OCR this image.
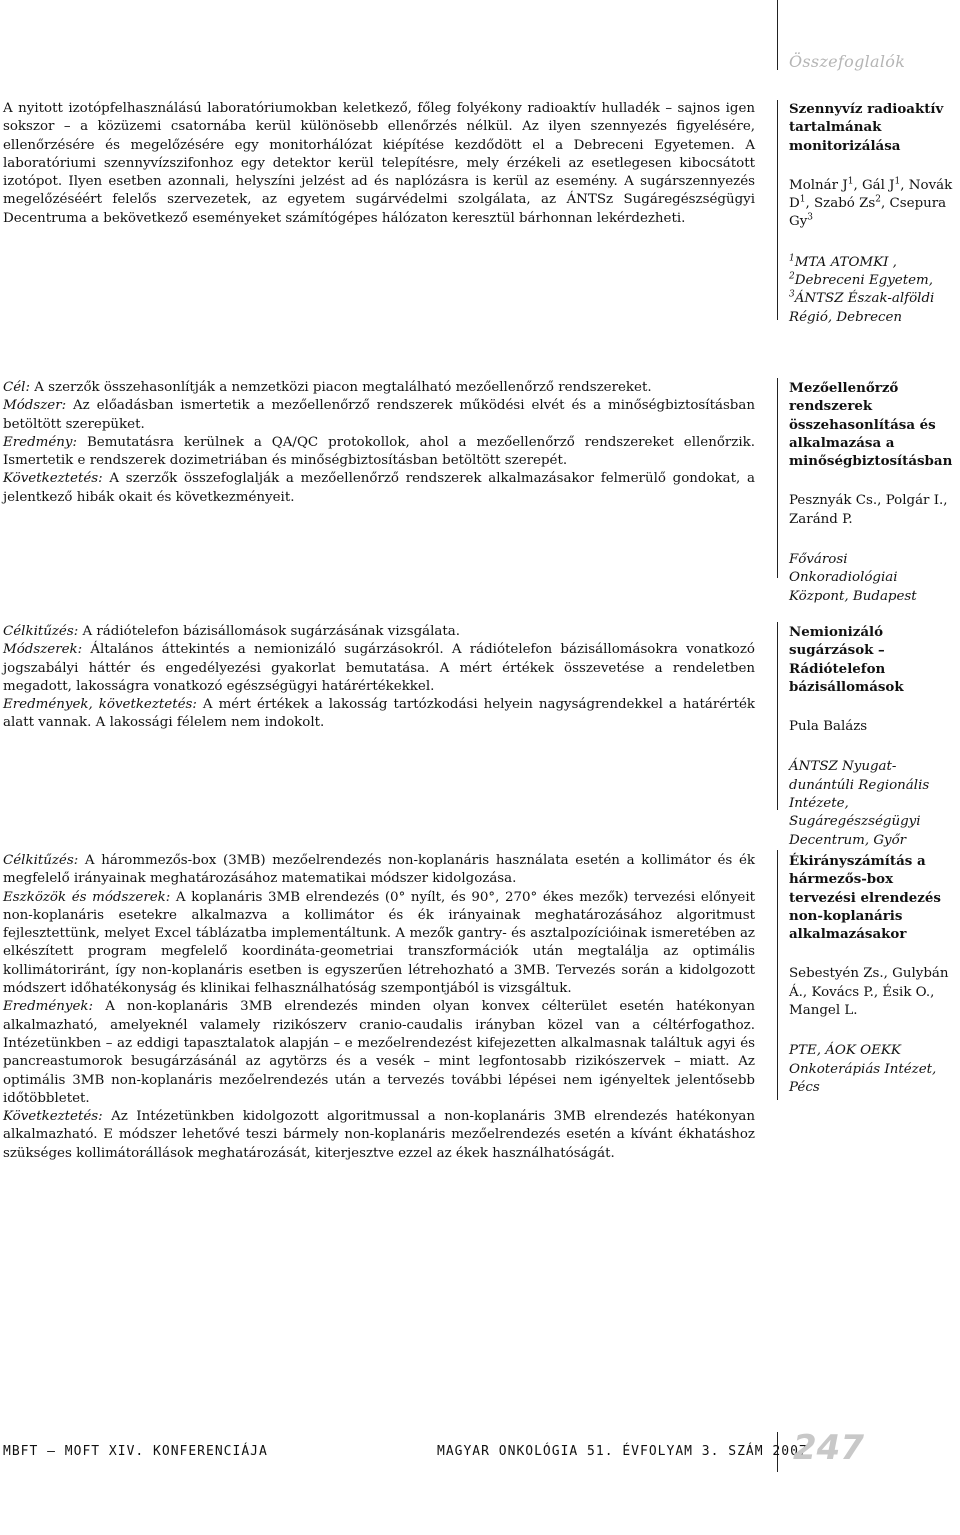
Összefoglalók

A nyitott izotópfelhasználású laboratóriumokban keletkező, főleg folyékony radioaktív hulladék – sajnos igen sokszor – a közüzemi csatornába kerül különösebb ellenőrzés nélkül. Az ilyen szennyezés figyelésére, ellenőrzésére és megelőzésére egy monitorhálózat kiépítése kezdődött el a Debreceni Egyetemen. A laboratóriumi szennyvízszifonhoz egy detektor kerül telepítésre, mely érzékeli az esetlegesen kibocsátott izotópot. Ilyen esetben azonnali, helyszíni jelzést ad és naplózásra is kerül az esemény. A sugárszennyezés megelőzéséért felelős szervezetek, az egyetem sugárvédelmi szolgálata, az ÁNTSz Sugáregészségügyi Decentruma a bekövetkező eseményeket számítógépes hálózaton keresztül bárhonnan lekérdezheti.

Szennyvíz radioaktív tartalmának monitorizálása
Molnár $J^1$, Gál $J^1$, Novák $D^1$, Szabó Zs$^2$, Csepura Gy$^3$
$^1$MTA ATOMKI ,
$^2$Debreceni Egyetem,
$^3$ÁNTSZ Észak-alföldi Régió, Debrecen

Cél: A szerzők összehasonlítják a nemzetközi piacon megtalálható mezőellenőrző rendszereket.

Módszer: Az előadásban ismertetik a mezőellenőrző rendszerek működési elvét és a minőségbiztosításban betöltött szerepüket.

Eredmény: Bemutatásra kerülnek a QA/QC protokollok, ahol a mezőellenőrző rendszereket ellenőrzik. Ismertetik e rendszerek dozimetriában és minőségbiztosításban betöltött szerepét.

Következtetés: A szerzők összefoglalják a mezőellenőrző rendszerek alkalmazásakor felmerülő gondokat, a jelentkező hibák okait és következményeit.

Mezőellenőrző rendszerek összehasonlítása és alkalmazása a minőségbiztosításban
Pesznyák Cs., Polgár I., Zaránd P.
Fővárosi Onkoradiológiai Központ, Budapest

Célkitűzés: A rádiótelefon bázisállomások sugárzásának vizsgálata.

Módszerek: Általános áttekintés a nemionizáló sugárzásokról. A rádiótelefon bázisállomásokra vonatkozó jogszabályi háttér és engedélyezési gyakorlat bemutatása. A mért értékek összevetése a rendeletben megadott, lakosságra vonatkozó egészségügyi határértékekkel.

Eredmények, következtetés: A mért értékek a lakosság tartózkodási helyein nagyságrendekkel a határérték alatt vannak. A lakossági félelem nem indokolt.

Nemionizáló sugárzások – Rádiótelefon bázisállomások
Pula Balázs
ÁNTSZ Nyugat-dunántúli Regionális Intézete, Sugáregészségügyi Decentrum, Győr

Célkitűzés: A hárommezős-box (3MB) mezőelrendezés non-koplanáris használata esetén a kollimátor és ék megfelelő irányainak meghatározásához matematikai módszer kidolgozása.

Eszközök és módszerek: A koplanáris 3MB elrendezés (0° nyílt, és 90°, 270° ékes mezők) tervezési előnyeit non-koplanáris esetekre alkalmazva a kollimátor és ék irányainak meghatározásához algoritmust fejlesztettünk, melyet Excel táblázatba implementáltunk. A mezők gantry- és asztalpozícióinak ismeretében az elkészített program megfelelő koordináta-geometriai transzformációk után megtalálja az optimális kollimátoriránt, így non-koplanáris esetben is egyszerűen létrehozható a 3MB. Tervezés során a kidolgozott módszert időhatékonyság és klinikai felhasználhatóság szempontjából is vizsgáltuk.

Eredmények: A non-koplanáris 3MB elrendezés minden olyan konvex célterület esetén hatékonyan alkalmazható, amelyeknél valamely rizikószerv cranio-caudalis irányban közel van a céltérfogathoz. Intézetünkben – az eddigi tapasztalatok alapján – e mezőelrendezést kifejezetten alkalmasnak találtuk agyi és pancreastumorok besugárzásánál az agytörzs és a vesék – mint legfontosabb rizikószervek – miatt. Az optimális 3MB non-koplanáris mezőelrendezés után a tervezés további lépései nem igényeltek jelentősebb időtöbbletet.

Következtetés: Az Intézetünkben kidolgozott algoritmussal a non-koplanáris 3MB elrendezés hatékonyan alkalmazható. E módszer lehetővé teszi bármely non-koplanáris mezőelrendezés esetén a kívánt ékhatáshoz szükséges kollimátorállások meghatározását, kiterjesztve ezzel az ékek használhatóságát.

Ékirányszámítás a hármezős-box tervezési elrendezés non-koplanáris alkalmazásakor
Sebestyén Zs., Gulybán Á., Kovács P., Ésik O., Mangel L.
PTE, ÁOK OEKK Onkoterápiás Intézet, Pécs
MBFT – MOFT XIV. KONFERENCIÁJA	MAGYAR ONKOLÓGIA 51. ÉVFOLYAM 3. SZÁM 2007
247
